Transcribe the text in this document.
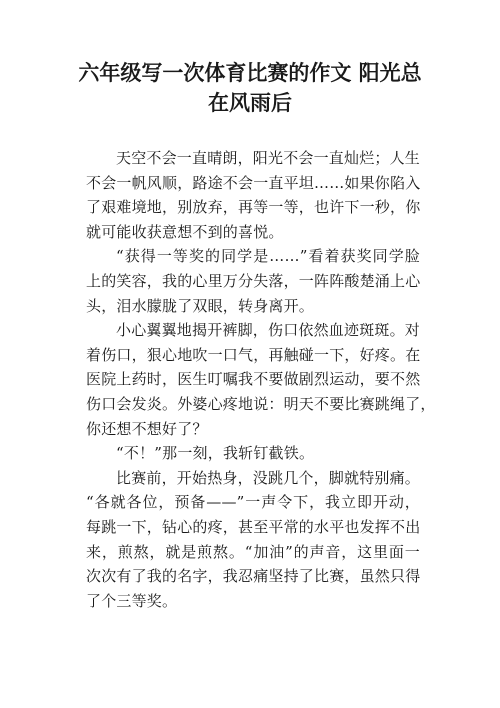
六年级写一次体育比赛的作文 阳光总
在风雨后

天空不会一直晴朗，阳光不会一直灿烂；人生
不会一帆风顺，路途不会一直平坦……如果你陷入
了艰难境地，别放弃，再等一等，也许下一秒，你
就可能收获意想不到的喜悦。

“获得一等奖的同学是……”看着获奖同学脸
上的笑容，我的心里万分失落，一阵阵酸楚涌上心
头，泪水朦胧了双眼，转身离开。

小心翼翼地揭开裤脚，伤口依然血迹斑斑。对
着伤口，狠心地吹一口气，再触碰一下，好疼。在
医院上药时，医生叮嘱我不要做剧烈运动，要不然
伤口会发炎。外婆心疼地说：明天不要比赛跳绳了，
你还想不想好了？

“不！”那一刻，我斩钉截铁。

比赛前，开始热身，没跳几个，脚就特别痛。
“各就各位，预备——”一声令下，我立即开动，
每跳一下，钻心的疼，甚至平常的水平也发挥不出
来，煎熬，就是煎熬。“加油”的声音，这里面一
次次有了我的名字，我忍痛坚持了比赛，虽然只得
了个三等奖。
